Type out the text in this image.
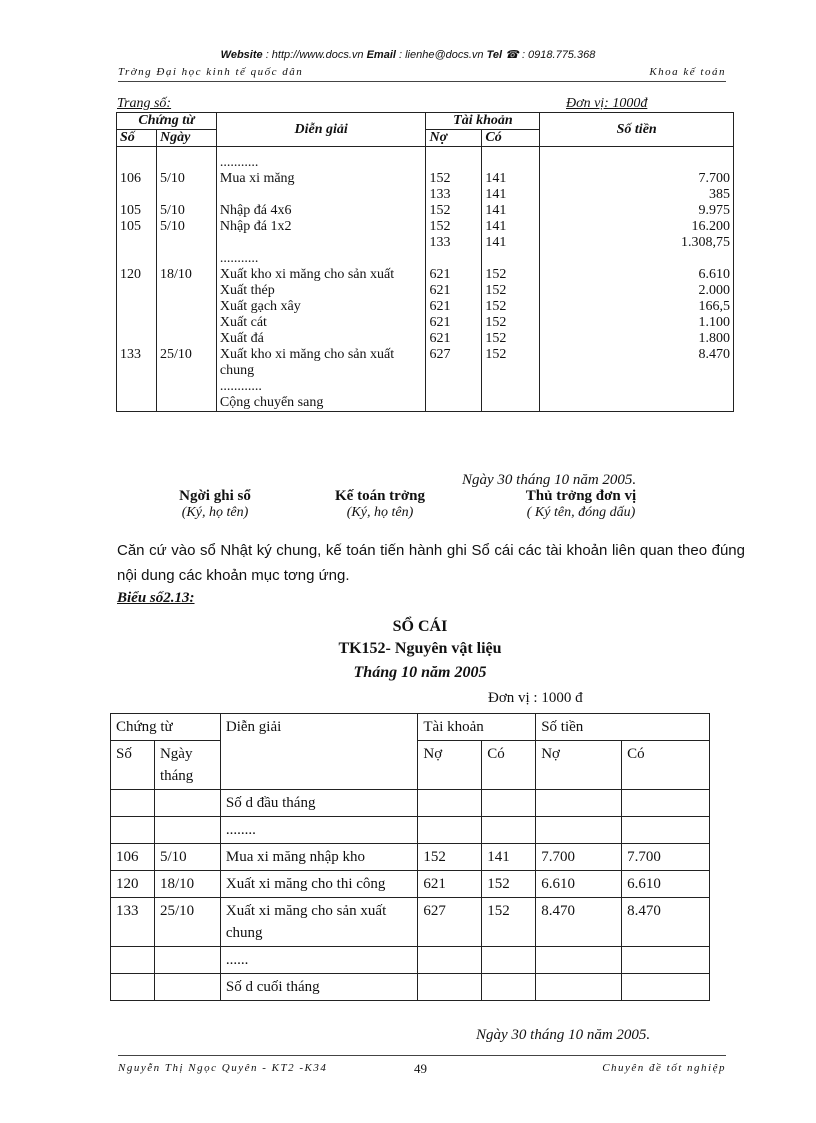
Website : http://www.docs.vn Email : lienhe@docs.vn Tel ☎ : 0918.775.368
Trờng Đại học kinh tế quốc dân	Khoa kế toán
Trang số:	Đơn vị: 1000đ
Chứng từ		Diễn giải	Tài khoản		Số tiền
Số	Ngày		Nợ	Có	
		...........			
106	5/10	Mua xi măng	152	141	7.700
			133	141	385
105	5/10	Nhập đá 4x6	152	141	9.975
105	5/10	Nhập đá 1x2	152	141	16.200
			133	141	1.308,75

		...........			
120	18/10	Xuất kho xi măng cho sản xuất	621	152	6.610
		Xuất thép	621	152	2.000
		Xuất gạch xây	621	152	166,5
		Xuất cát	621	152	1.100
		Xuất đá	621	152	1.800
133	25/10	Xuất kho xi măng cho sản xuất chung	627	152	8.470
		............			
		Cộng chuyển sang			
Ngày 30 tháng 10 năm 2005.
Ngời ghi sổ
(Ký, họ tên)
Kế toán trởng
(Ký, họ tên)
Thủ trởng đơn vị
( Ký tên, đóng dấu)
Căn cứ vào sổ Nhật ký chung, kế toán tiến hành ghi Sổ cái các tài khoản liên quan theo đúng nội dung các khoản mục tơng ứng.
Biểu số2.13:
SỔ CÁI
TK152- Nguyên vật liệu
Tháng 10 năm 2005
Đơn vị : 1000 đ
Chứng từ		Diễn giải	Tài khoản		Số tiền	
Số	Ngày tháng		Nợ	Có	Nợ	Có
		Số d đầu tháng				
		........				
106	5/10	Mua xi măng nhập kho	152	141	7.700	7.700
120	18/10	Xuất xi măng cho thi công	621	152	6.610	6.610
133	25/10	Xuất xi măng cho sản xuất chung	627	152	8.470	8.470
		......				
		Số d cuối tháng				
Ngày 30 tháng 10 năm 2005.
Nguyễn Thị Ngọc Quyên - KT2 -K34	49	Chuyên đề tốt nghiệp
